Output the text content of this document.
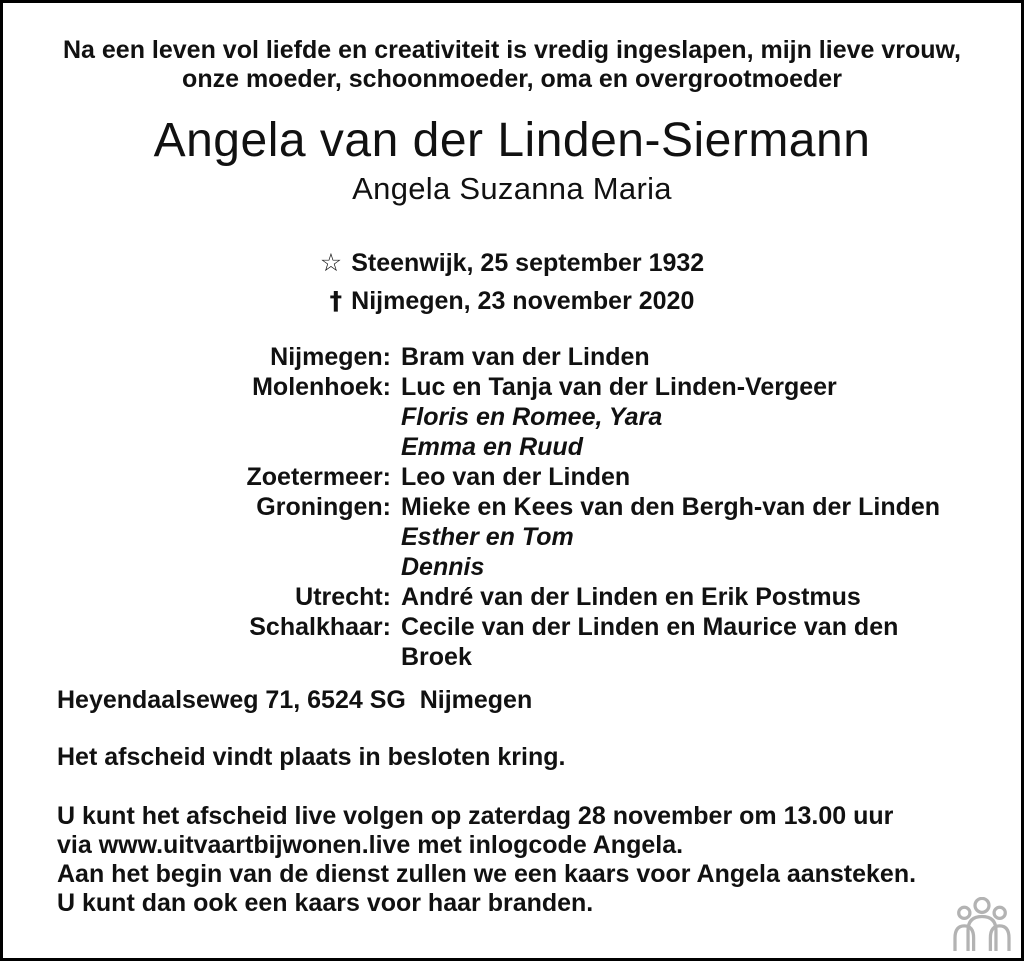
Na een leven vol liefde en creativiteit is vredig ingeslapen, mijn lieve vrouw,
onze moeder, schoonmoeder, oma en overgrootmoeder
Angela van der Linden-Siermann
Angela Suzanna Maria
☆ Steenwijk, 25 september 1932
† Nijmegen, 23 november 2020
Nijmegen: Bram van der Linden
Molenhoek: Luc en Tanja van der Linden-Vergeer
Floris en Romee, Yara
Emma en Ruud
Zoetermeer: Leo van der Linden
Groningen: Mieke en Kees van den Bergh-van der Linden
Esther en Tom
Dennis
Utrecht: André van der Linden en Erik Postmus
Schalkhaar: Cecile van der Linden en Maurice van den
Broek
Heyendaalseweg 71, 6524 SG  Nijmegen
Het afscheid vindt plaats in besloten kring.
U kunt het afscheid live volgen op zaterdag 28 november om 13.00 uur
via www.uitvaartbijwonen.live met inlogcode Angela.
Aan het begin van de dienst zullen we een kaars voor Angela aansteken.
U kunt dan ook een kaars voor haar branden.
